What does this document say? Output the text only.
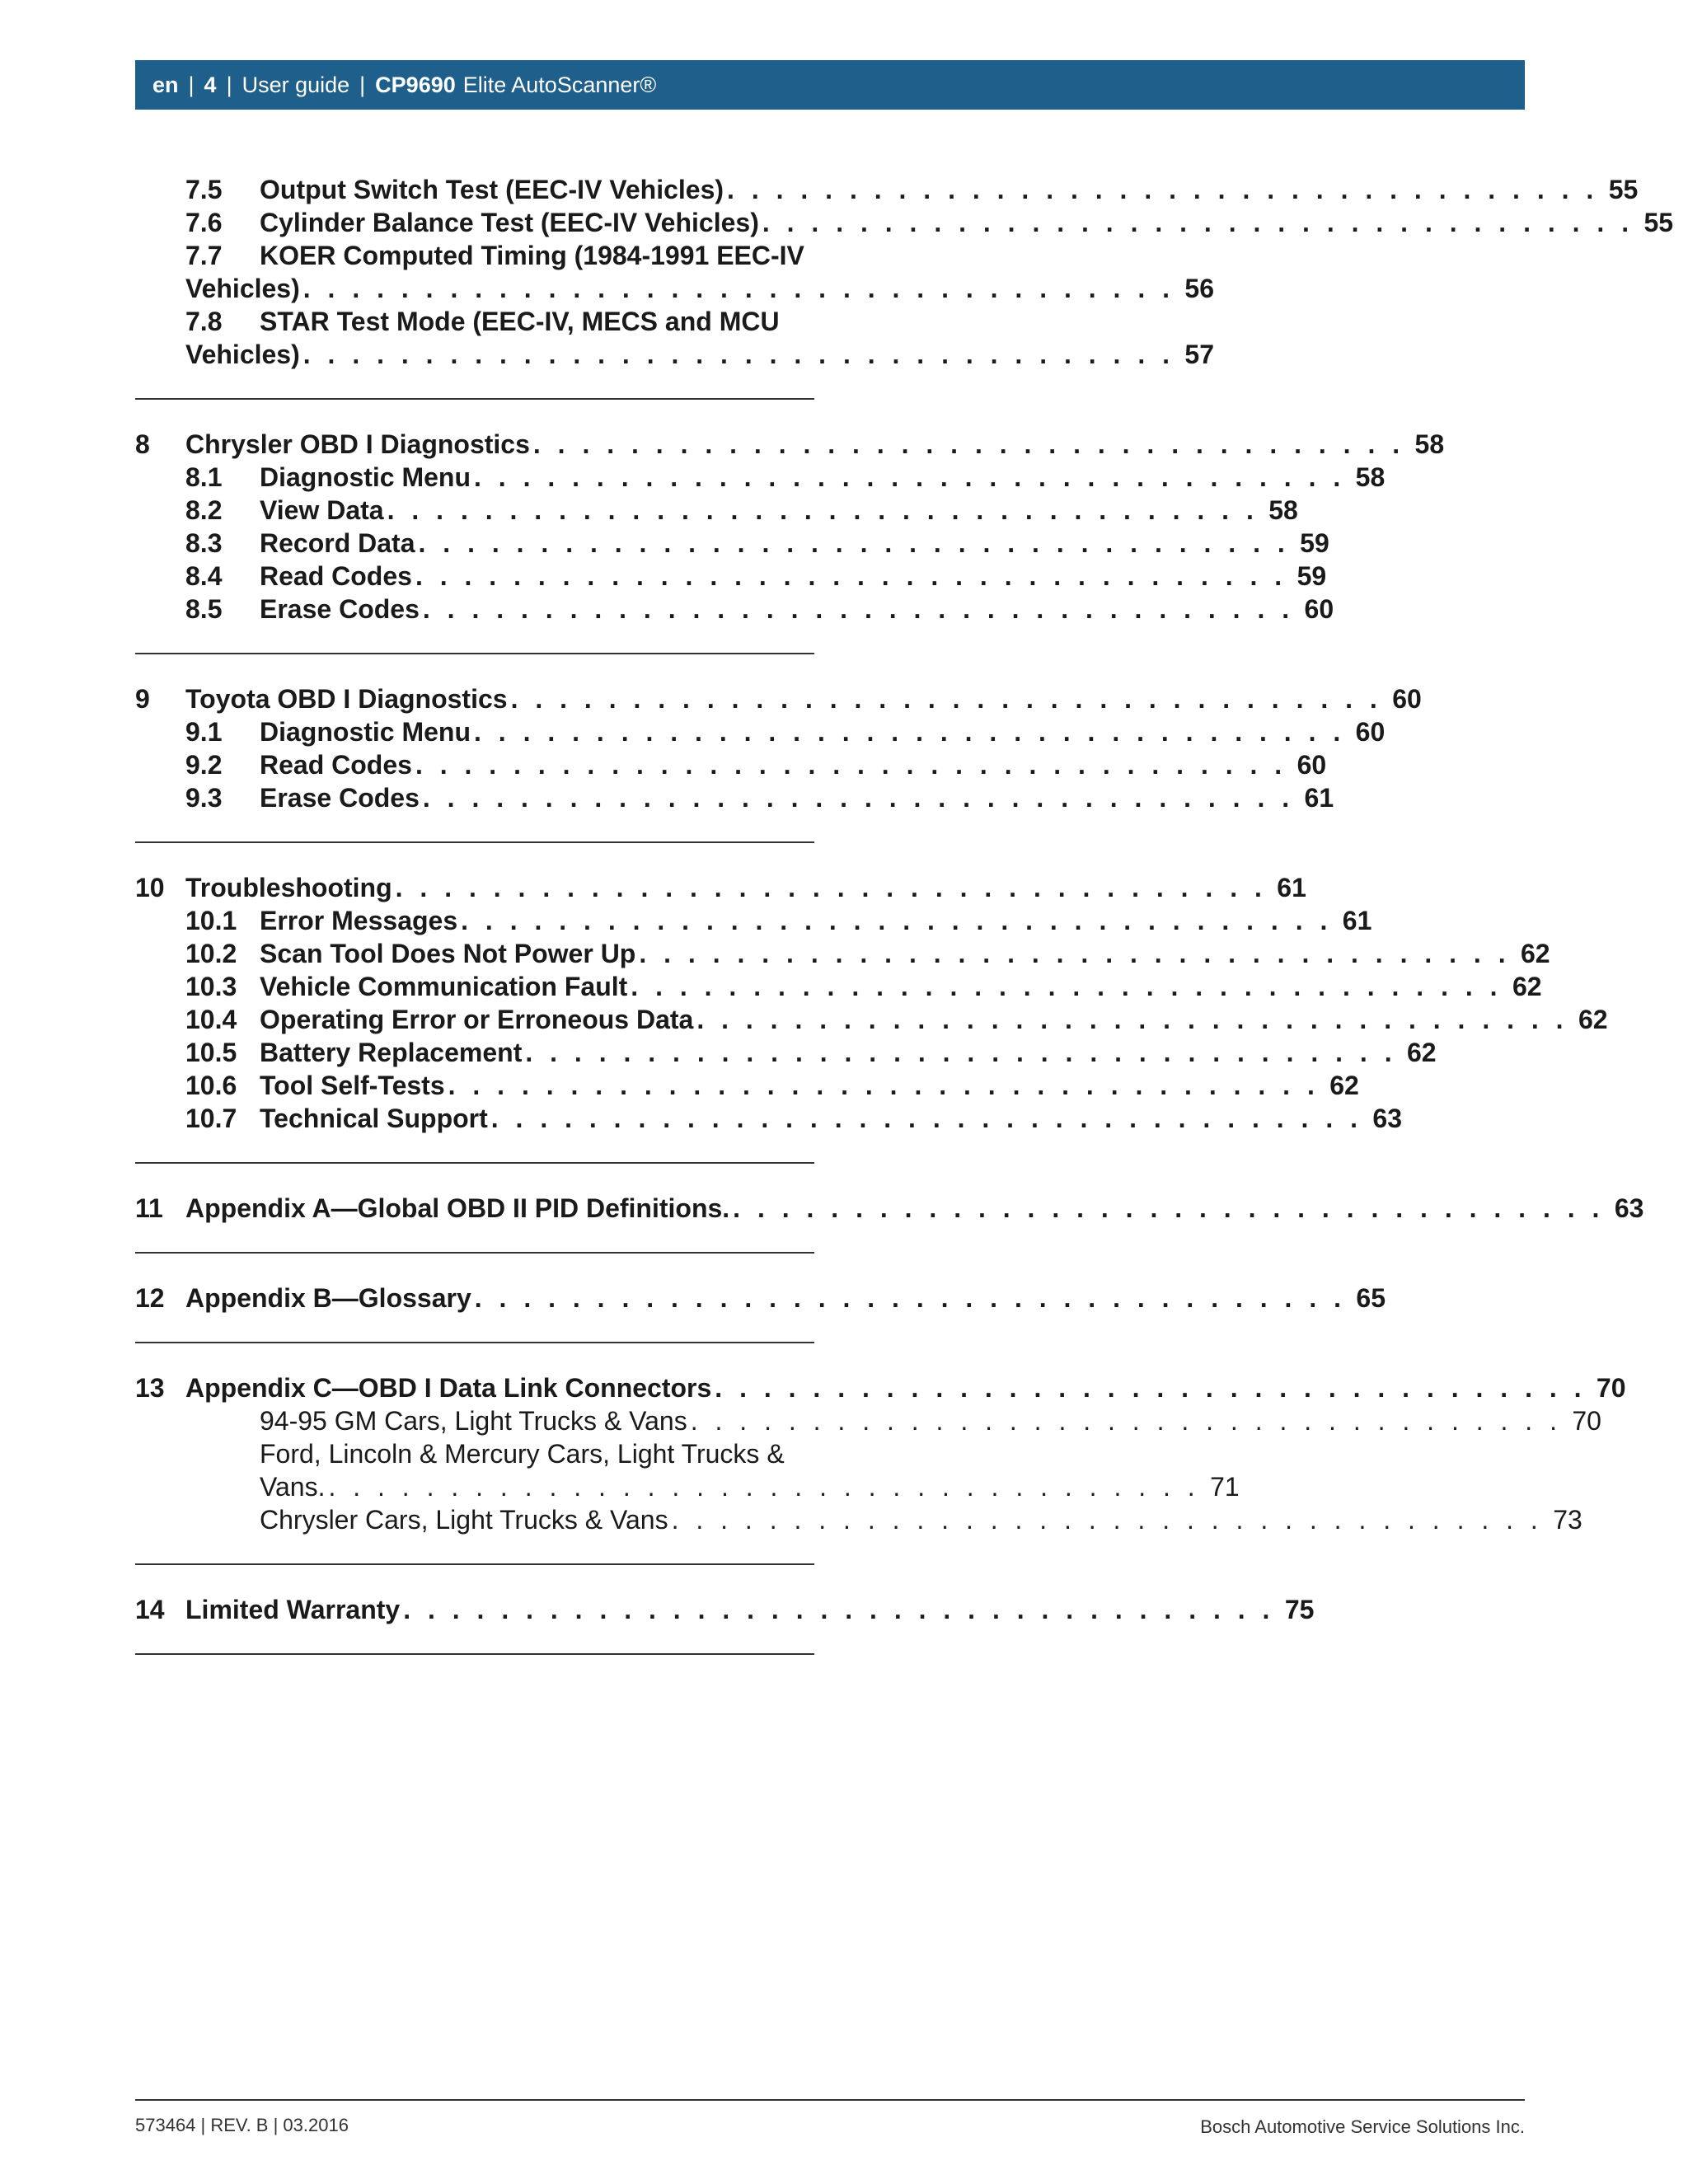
en | 4 | User guide | CP9690 Elite AutoScanner®
7.5	Output Switch Test (EEC-IV Vehicles) . . . . . . . . . . . . . . . . . . . . . . . . . . . . . . . . . . . . 55
7.6	Cylinder Balance Test (EEC-IV Vehicles) . . . . . . . . . . . . . . . . . . . . . . . . . . . . . . . . . . . . 55
7.7	KOER Computed Timing (1984-1991 EEC-IV
Vehicles) . . . . . . . . . . . . . . . . . . . . . . . . . . . . . . . . . . . . 56
7.8	STAR Test Mode (EEC-IV, MECS and MCU
Vehicles) . . . . . . . . . . . . . . . . . . . . . . . . . . . . . . . . . . . . 57
8	Chrysler OBD I Diagnostics . . . . . . . . . . . . . . . . . . . . . . . . . . . . . . . . . . . . 58
8.1	Diagnostic Menu . . . . . . . . . . . . . . . . . . . . . . . . . . . . . . . . . . . . 58
8.2	View Data . . . . . . . . . . . . . . . . . . . . . . . . . . . . . . . . . . . . 58
8.3	Record Data . . . . . . . . . . . . . . . . . . . . . . . . . . . . . . . . . . . . 59
8.4	Read Codes . . . . . . . . . . . . . . . . . . . . . . . . . . . . . . . . . . . . 59
8.5	Erase Codes . . . . . . . . . . . . . . . . . . . . . . . . . . . . . . . . . . . . 60
9	Toyota OBD I Diagnostics . . . . . . . . . . . . . . . . . . . . . . . . . . . . . . . . . . . . 60
9.1	Diagnostic Menu . . . . . . . . . . . . . . . . . . . . . . . . . . . . . . . . . . . . 60
9.2	Read Codes . . . . . . . . . . . . . . . . . . . . . . . . . . . . . . . . . . . . 60
9.3	Erase Codes . . . . . . . . . . . . . . . . . . . . . . . . . . . . . . . . . . . . 61
10 Troubleshooting . . . . . . . . . . . . . . . . . . . . . . . . . . . . . . . . . . . . 61
10.1 Error Messages . . . . . . . . . . . . . . . . . . . . . . . . . . . . . . . . . . . . 61
10.2 Scan Tool Does Not Power Up . . . . . . . . . . . . . . . . . . . . . . . . . . . . . . . . . . . . 62
10.3 Vehicle Communication Fault . . . . . . . . . . . . . . . . . . . . . . . . . . . . . . . . . . . . 62
10.4 Operating Error or Erroneous Data . . . . . . . . . . . . . . . . . . . . . . . . . . . . . . . . . . . . 62
10.5 Battery Replacement . . . . . . . . . . . . . . . . . . . . . . . . . . . . . . . . . . . . 62
10.6 Tool Self-Tests . . . . . . . . . . . . . . . . . . . . . . . . . . . . . . . . . . . . 62
10.7 Technical Support . . . . . . . . . . . . . . . . . . . . . . . . . . . . . . . . . . . . 63
11 Appendix A—Global OBD II PID Definitions. . . . . . . . . . . . . . . . . . . . . . . . . . . . . . . . . . . . . 63
12 Appendix B—Glossary . . . . . . . . . . . . . . . . . . . . . . . . . . . . . . . . . . . . 65
13 Appendix C—OBD I Data Link Connectors . . . . . . . . . . . . . . . . . . . . . . . . . . . . . . . . . . . . 70
94-95 GM Cars, Light Trucks & Vans . . . . . . . . . . . . . . . . . . . . . . . . . . . . . . . . . . . . 70
Ford, Lincoln & Mercury Cars, Light Trucks &
Vans. . . . . . . . . . . . . . . . . . . . . . . . . . . . . . . . . . . . . 71
Chrysler Cars, Light Trucks & Vans . . . . . . . . . . . . . . . . . . . . . . . . . . . . . . . . . . . . 73
14 Limited Warranty . . . . . . . . . . . . . . . . . . . . . . . . . . . . . . . . . . . . 75
573464 | REV. B | 03.2016	Bosch Automotive Service Solutions Inc.
